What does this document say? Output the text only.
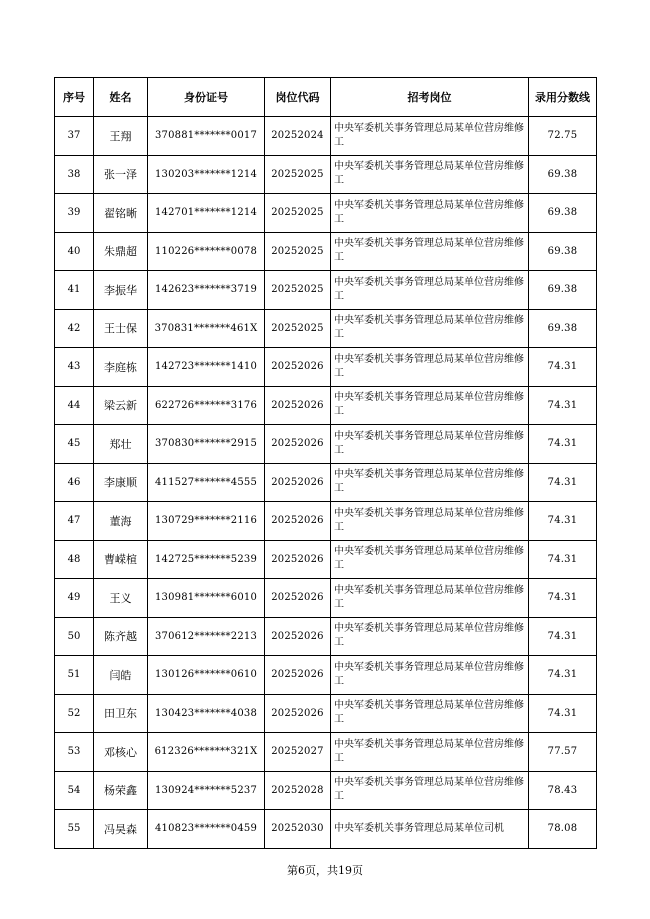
序号	姓名	身份证号	岗位代码	招考岗位	录用分数线
37	王翔	370881*******0017	20252024	中央军委机关事务管理总局某单位营房维修工	72.75
38	张一泽	130203*******1214	20252025	中央军委机关事务管理总局某单位营房维修工	69.38
39	翟铭晰	142701*******1214	20252025	中央军委机关事务管理总局某单位营房维修工	69.38
40	朱鼎超	110226*******0078	20252025	中央军委机关事务管理总局某单位营房维修工	69.38
41	李振华	142623*******3719	20252025	中央军委机关事务管理总局某单位营房维修工	69.38
42	王士保	370831*******461X	20252025	中央军委机关事务管理总局某单位营房维修工	69.38
43	李庭栋	142723*******1410	20252026	中央军委机关事务管理总局某单位营房维修工	74.31
44	梁云新	622726*******3176	20252026	中央军委机关事务管理总局某单位营房维修工	74.31
45	郑壮	370830*******2915	20252026	中央军委机关事务管理总局某单位营房维修工	74.31
46	李康顺	411527*******4555	20252026	中央军委机关事务管理总局某单位营房维修工	74.31
47	董海	130729*******2116	20252026	中央军委机关事务管理总局某单位营房维修工	74.31
48	曹嵘楦	142725*******5239	20252026	中央军委机关事务管理总局某单位营房维修工	74.31
49	王义	130981*******6010	20252026	中央军委机关事务管理总局某单位营房维修工	74.31
50	陈齐越	370612*******2213	20252026	中央军委机关事务管理总局某单位营房维修工	74.31
51	闫皓	130126*******0610	20252026	中央军委机关事务管理总局某单位营房维修工	74.31
52	田卫东	130423*******4038	20252026	中央军委机关事务管理总局某单位营房维修工	74.31
53	邓核心	612326*******321X	20252027	中央军委机关事务管理总局某单位营房维修工	77.57
54	杨荣鑫	130924*******5237	20252028	中央军委机关事务管理总局某单位营房维修工	78.43
55	冯昊森	410823*******0459	20252030	中央军委机关事务管理总局某单位司机	78.08
第6页，共19页
